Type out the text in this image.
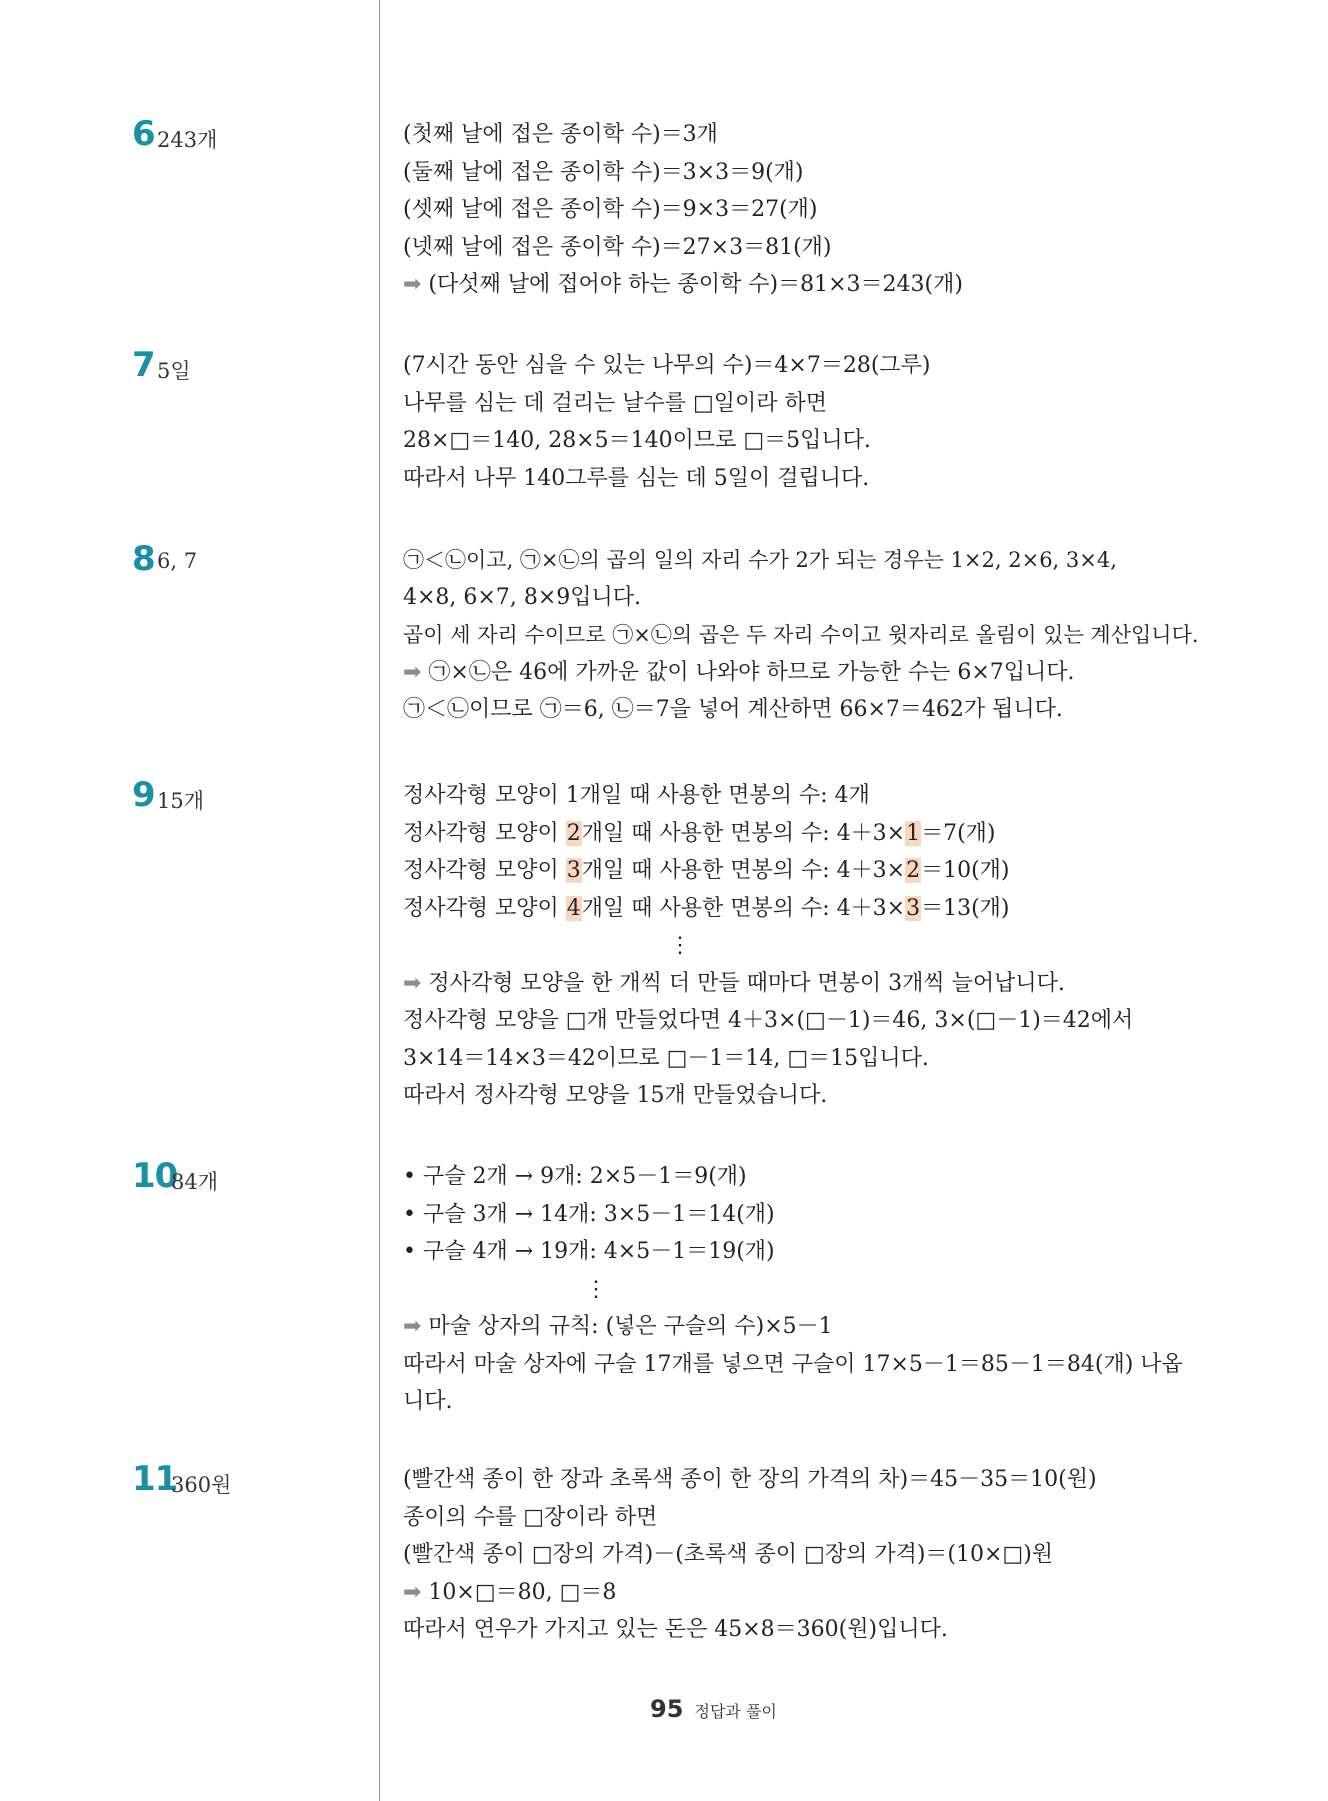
6 243개	(첫째 날에 접은 종이학 수)＝3개
(둘째 날에 접은 종이학 수)＝3×3＝9(개)
(셋째 날에 접은 종이학 수)＝9×3＝27(개)
(넷째 날에 접은 종이학 수)＝27×3＝81(개)
➡ (다섯째 날에 접어야 하는 종이학 수)＝81×3＝243(개)
7 5일	(7시간 동안 심을 수 있는 나무의 수)＝4×7＝28(그루)
나무를 심는 데 걸리는 날수를 □일이라 하면
28×□＝140, 28×5＝140이므로 □＝5입니다.
따라서 나무 140그루를 심는 데 5일이 걸립니다.
8 6, 7	㉠＜㉡이고, ㉠×㉡의 곱의 일의 자리 수가 2가 되는 경우는 1×2, 2×6, 3×4,
4×8, 6×7, 8×9입니다.
곱이 세 자리 수이므로 ㉠×㉡의 곱은 두 자리 수이고 윗자리로 올림이 있는 계산입니다.
➡ ㉠×㉡은 46에 가까운 값이 나와야 하므로 가능한 수는 6×7입니다.
㉠＜㉡이므로 ㉠＝6, ㉡＝7을 넣어 계산하면 66×7＝462가 됩니다.
9 15개	정사각형 모양이 1개일 때 사용한 면봉의 수: 4개
정사각형 모양이 2개일 때 사용한 면봉의 수: 4＋3×1＝7(개)
정사각형 모양이 3개일 때 사용한 면봉의 수: 4＋3×2＝10(개)
정사각형 모양이 4개일 때 사용한 면봉의 수: 4＋3×3＝13(개)
⋮
➡ 정사각형 모양을 한 개씩 더 만들 때마다 면봉이 3개씩 늘어납니다.
정사각형 모양을 □개 만들었다면 4＋3×(□－1)＝46, 3×(□－1)＝42에서
3×14＝14×3＝42이므로 □－1＝14, □＝15입니다.
따라서 정사각형 모양을 15개 만들었습니다.
10
84개	• 구슬 2개 → 9개: 2×5－1＝9(개)
• 구슬 3개 → 14개: 3×5－1＝14(개)
• 구슬 4개 → 19개: 4×5－1＝19(개)
⋮
➡ 마술 상자의 규칙: (넣은 구슬의 수)×5－1
따라서 마술 상자에 구슬 17개를 넣으면 구슬이 17×5－1＝85－1＝84(개) 나옵
니다.
11
360원	(빨간색 종이 한 장과 초록색 종이 한 장의 가격의 차)＝45－35＝10(원)
종이의 수를 □장이라 하면
(빨간색 종이 □장의 가격)－(초록색 종이 □장의 가격)＝(10×□)원
➡ 10×□＝80, □＝8
따라서 연우가 가지고 있는 돈은 45×8＝360(원)입니다.
95 정답과 풀이
